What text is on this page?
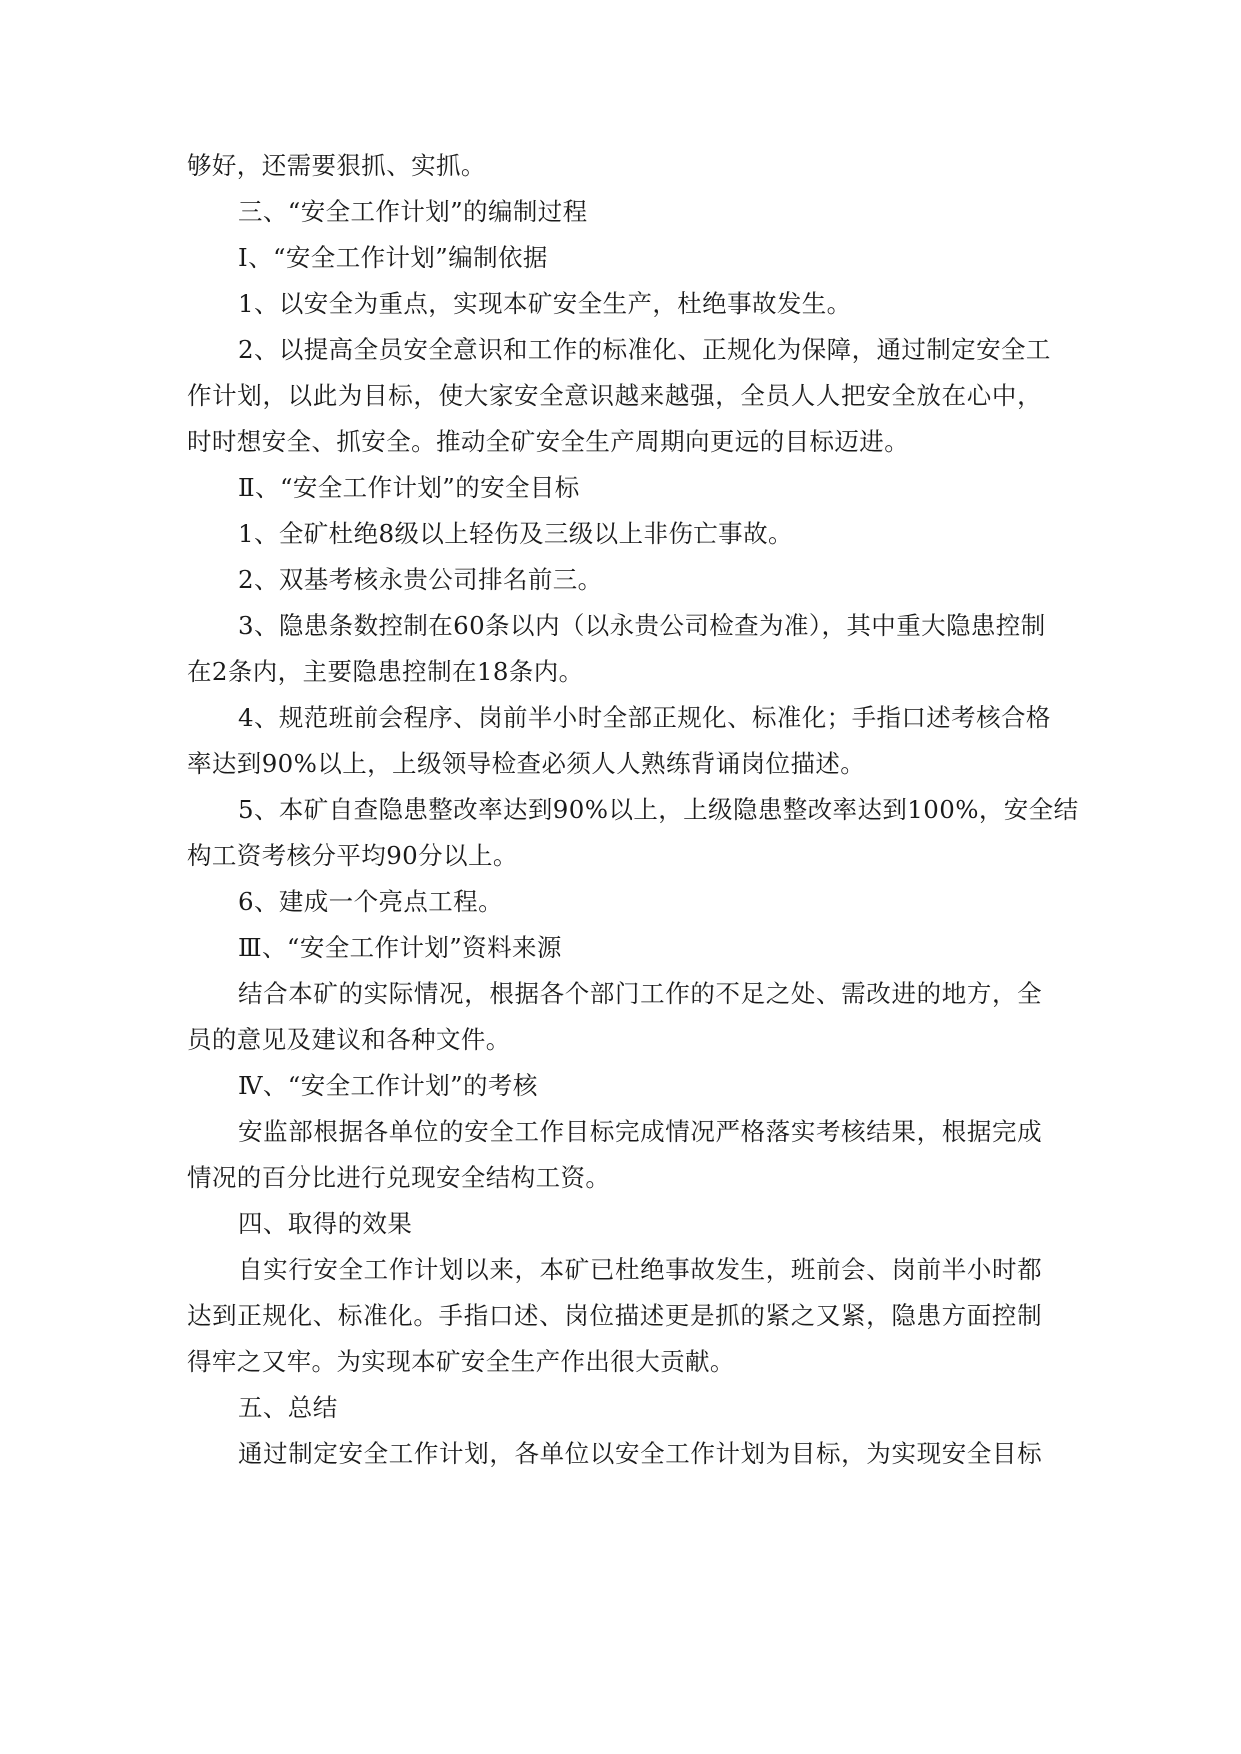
够好，还需要狠抓、实抓。
三、“安全工作计划”的编制过程
Ⅰ、“安全工作计划”编制依据
1、以安全为重点，实现本矿安全生产，杜绝事故发生。
2、以提高全员安全意识和工作的标准化、正规化为保障，通过制定安全工
作计划，以此为目标，使大家安全意识越来越强，全员人人把安全放在心中，
时时想安全、抓安全。推动全矿安全生产周期向更远的目标迈进。
Ⅱ、“安全工作计划”的安全目标
1、全矿杜绝8级以上轻伤及三级以上非伤亡事故。
2、双基考核永贵公司排名前三。
3、隐患条数控制在60条以内（以永贵公司检查为准），其中重大隐患控制
在2条内，主要隐患控制在18条内。
4、规范班前会程序、岗前半小时全部正规化、标准化；手指口述考核合格
率达到90%以上，上级领导检查必须人人熟练背诵岗位描述。
5、本矿自查隐患整改率达到90%以上，上级隐患整改率达到100%，安全结
构工资考核分平均90分以上。
6、建成一个亮点工程。
Ⅲ、“安全工作计划”资料来源
结合本矿的实际情况，根据各个部门工作的不足之处、需改进的地方，全
员的意见及建议和各种文件。
Ⅳ、“安全工作计划”的考核
安监部根据各单位的安全工作目标完成情况严格落实考核结果，根据完成
情况的百分比进行兑现安全结构工资。
四、取得的效果
自实行安全工作计划以来，本矿已杜绝事故发生，班前会、岗前半小时都
达到正规化、标准化。手指口述、岗位描述更是抓的紧之又紧，隐患方面控制
得牢之又牢。为实现本矿安全生产作出很大贡献。
五、总结
通过制定安全工作计划，各单位以安全工作计划为目标，为实现安全目标
